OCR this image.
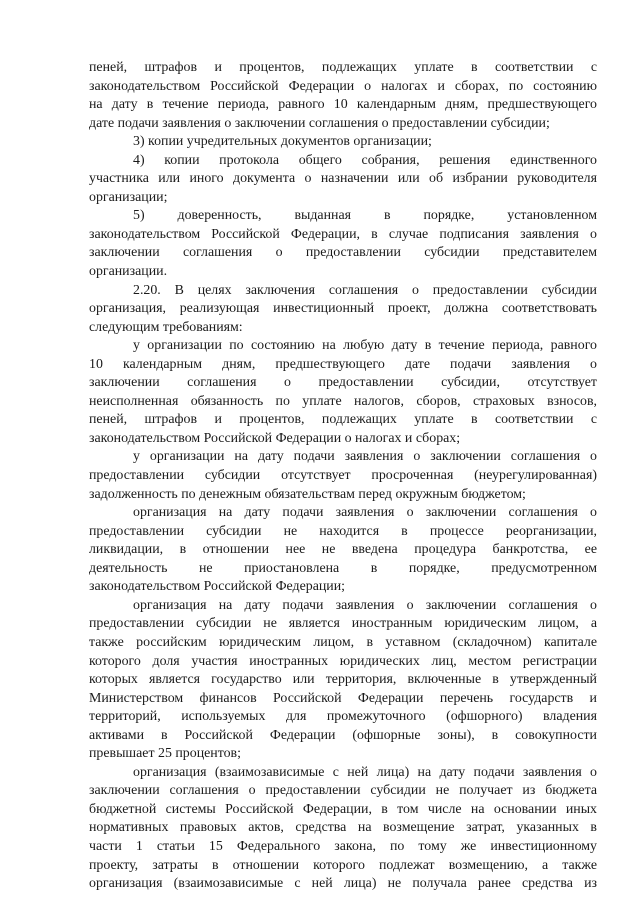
пеней, штрафов и процентов, подлежащих уплате в соответствии с
законодательством Российской Федерации о налогах и сборах, по состоянию
на дату в течение периода, равного 10 календарным дням, предшествующего
дате подачи заявления о заключении соглашения о предоставлении субсидии;
3) копии учредительных документов организации;
4) копии протокола общего собрания, решения единственного
участника или иного документа о назначении или об избрании руководителя
организации;
5) доверенность, выданная в порядке, установленном
законодательством Российской Федерации, в случае подписания заявления о
заключении соглашения о предоставлении субсидии представителем
организации.
2.20. В целях заключения соглашения о предоставлении субсидии
организация, реализующая инвестиционный проект, должна соответствовать
следующим требованиям:
у организации по состоянию на любую дату в течение периода, равного
10 календарным дням, предшествующего дате подачи заявления о
заключении соглашения о предоставлении субсидии, отсутствует
неисполненная обязанность по уплате налогов, сборов, страховых взносов,
пеней, штрафов и процентов, подлежащих уплате в соответствии с
законодательством Российской Федерации о налогах и сборах;
у организации на дату подачи заявления о заключении соглашения о
предоставлении субсидии отсутствует просроченная (неурегулированная)
задолженность по денежным обязательствам перед окружным бюджетом;
организация на дату подачи заявления о заключении соглашения о
предоставлении субсидии не находится в процессе реорганизации,
ликвидации, в отношении нее не введена процедура банкротства, ее
деятельность не приостановлена в порядке, предусмотренном
законодательством Российской Федерации;
организация на дату подачи заявления о заключении соглашения о
предоставлении субсидии не является иностранным юридическим лицом, а
также российским юридическим лицом, в уставном (складочном) капитале
которого доля участия иностранных юридических лиц, местом регистрации
которых является государство или территория, включенные в утвержденный
Министерством финансов Российской Федерации перечень государств и
территорий, используемых для промежуточного (офшорного) владения
активами в Российской Федерации (офшорные зоны), в совокупности
превышает 25 процентов;
организация (взаимозависимые с ней лица) на дату подачи заявления о
заключении соглашения о предоставлении субсидии не получает из бюджета
бюджетной системы Российской Федерации, в том числе на основании иных
нормативных правовых актов, средства на возмещение затрат, указанных в
части 1 статьи 15 Федерального закона, по тому же инвестиционному
проекту, затраты в отношении которого подлежат возмещению, а также
организация (взаимозависимые с ней лица) не получала ранее средства из
